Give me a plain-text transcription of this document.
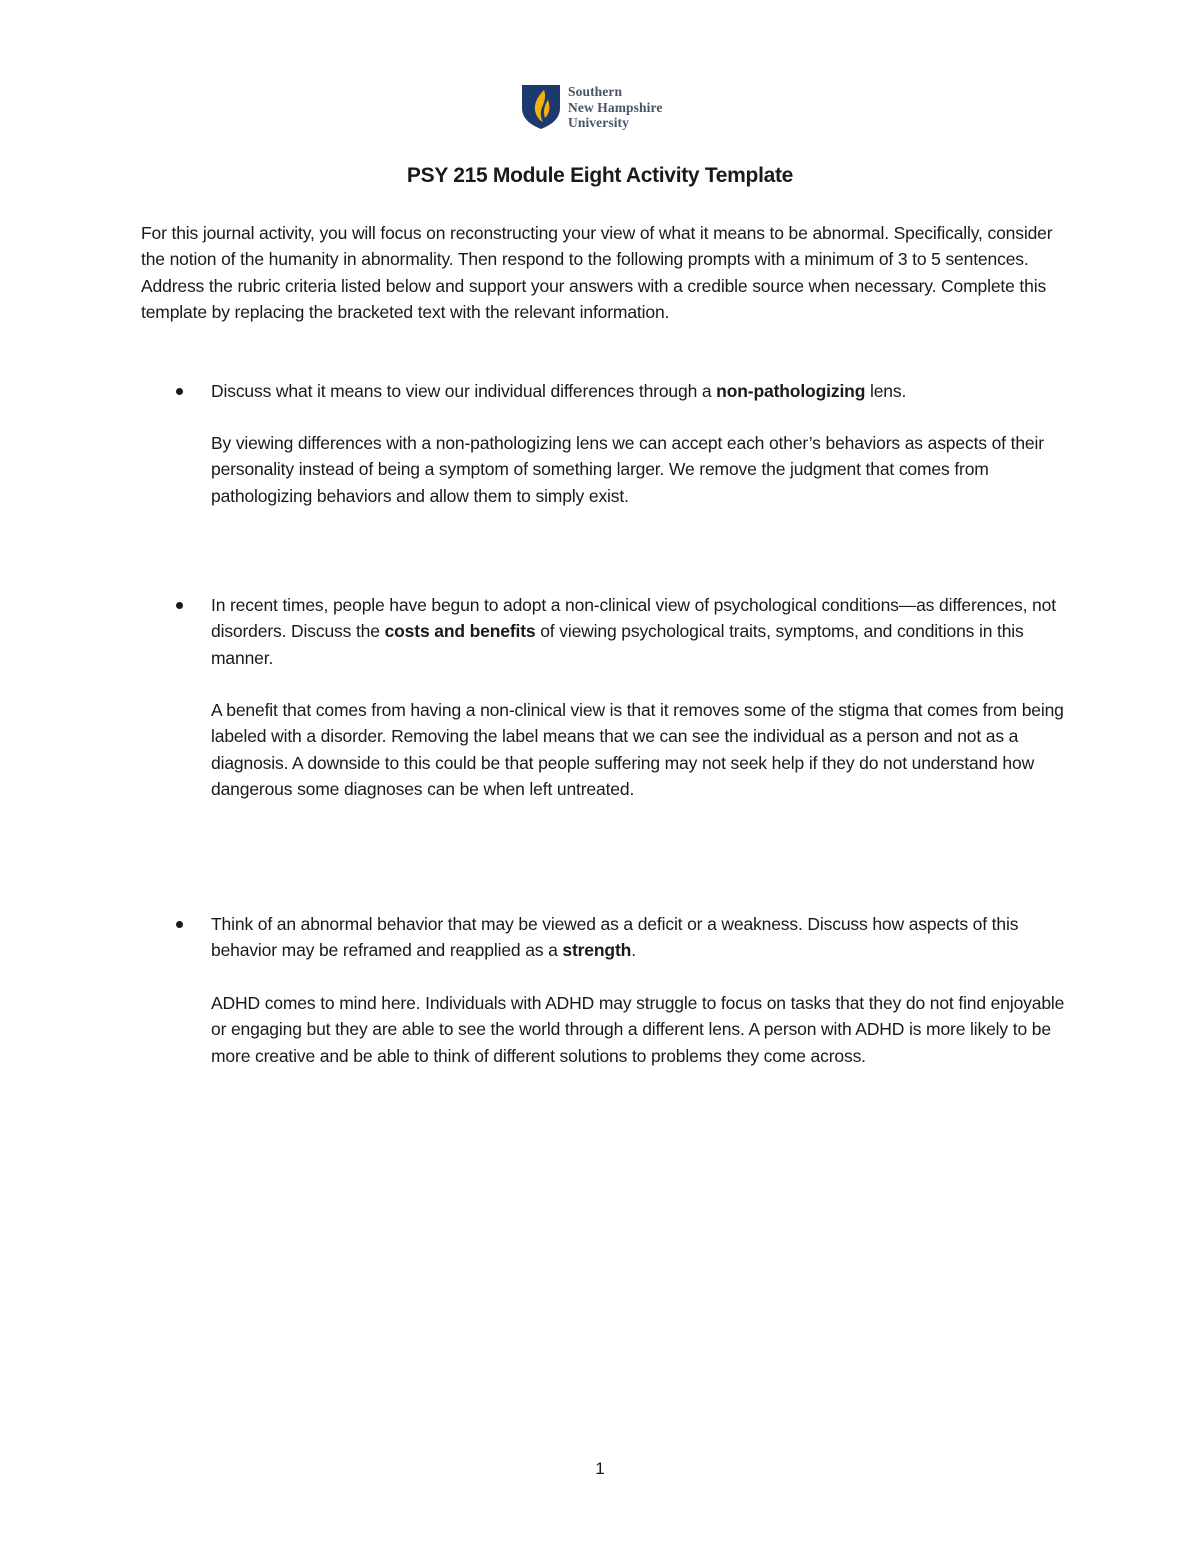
Southern
New Hampshire
University
PSY 215 Module Eight Activity Template

For this journal activity, you will focus on reconstructing your view of what it means to be abnormal. Specifically, consider the notion of the humanity in abnormality. Then respond to the following prompts with a minimum of 3 to 5 sentences. Address the rubric criteria listed below and support your answers with a credible source when necessary. Complete this template by replacing the bracketed text with the relevant information.

Discuss what it means to view our individual differences through a non-pathologizing lens.

By viewing differences with a non-pathologizing lens we can accept each other’s behaviors as aspects of their personality instead of being a symptom of something larger. We remove the judgment that comes from pathologizing behaviors and allow them to simply exist.

In recent times, people have begun to adopt a non-clinical view of psychological conditions—as differences, not disorders. Discuss the costs and benefits of viewing psychological traits, symptoms, and conditions in this manner.

A benefit that comes from having a non-clinical view is that it removes some of the stigma that comes from being labeled with a disorder. Removing the label means that we can see the individual as a person and not as a diagnosis. A downside to this could be that people suffering may not seek help if they do not understand how dangerous some diagnoses can be when left untreated.

Think of an abnormal behavior that may be viewed as a deficit or a weakness. Discuss how aspects of this behavior may be reframed and reapplied as a strength.

ADHD comes to mind here. Individuals with ADHD may struggle to focus on tasks that they do not find enjoyable or engaging but they are able to see the world through a different lens. A person with ADHD is more likely to be more creative and be able to think of different solutions to problems they come across.

1
